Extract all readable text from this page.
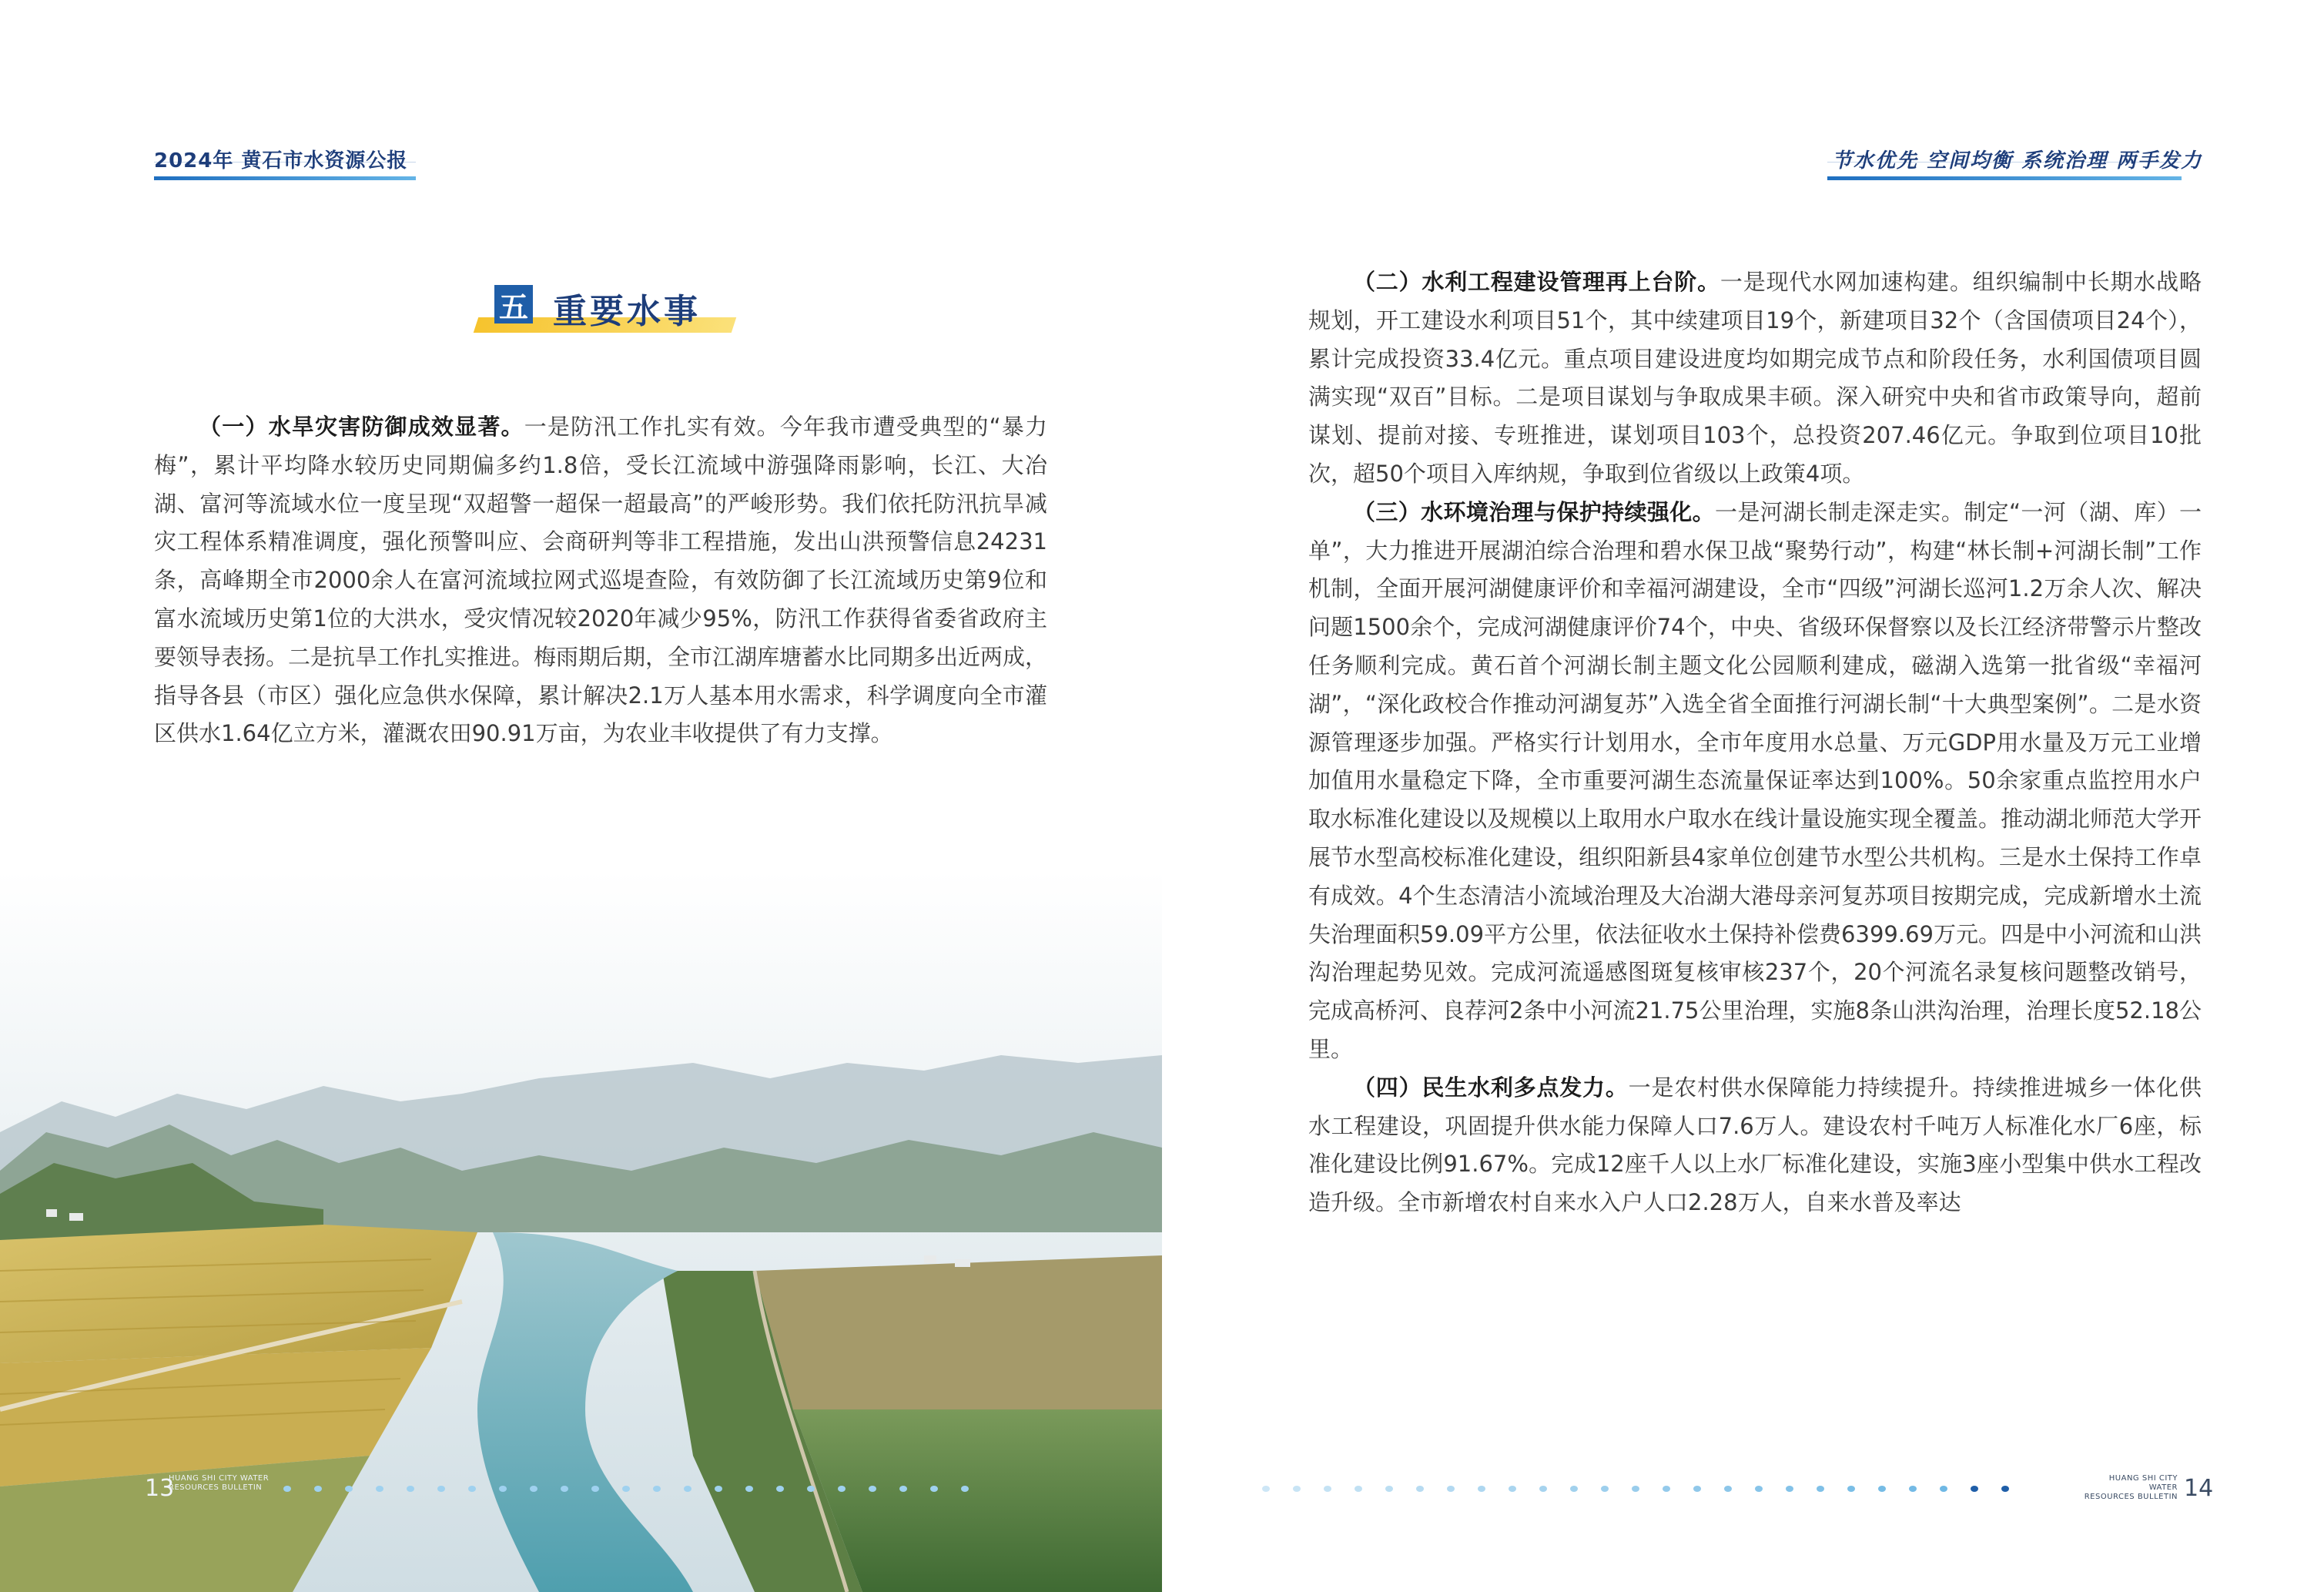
2024年 黄石市水资源公报
五 重要水事

（一）水旱灾害防御成效显著。一是防汛工作扎实有效。今年我市遭受典型的“暴力梅”，累计平均降水较历史同期偏多约1.8倍，受长江流域中游强降雨影响，长江、大冶湖、富河等流域水位一度呈现“双超警一超保一超最高”的严峻形势。我们依托防汛抗旱减灾工程体系精准调度，强化预警叫应、会商研判等非工程措施，发出山洪预警信息24231条，高峰期全市2000余人在富河流域拉网式巡堤查险，有效防御了长江流域历史第9位和富水流域历史第1位的大洪水，受灾情况较2020年减少95%，防汛工作获得省委省政府主要领导表扬。二是抗旱工作扎实推进。梅雨期后期，全市江湖库塘蓄水比同期多出近两成，指导各县（市区）强化应急供水保障，累计解决2.1万人基本用水需求，科学调度向全市灌区供水1.64亿立方米，灌溉农田90.91万亩，为农业丰收提供了有力支撑。

13
HUANG SHI CITY WATER
RESOURCES BULLETIN
节水优先 空间均衡 系统治理 两手发力

（二）水利工程建设管理再上台阶。一是现代水网加速构建。组织编制中长期水战略规划，开工建设水利项目51个，其中续建项目19个，新建项目32个（含国债项目24个），累计完成投资33.4亿元。重点项目建设进度均如期完成节点和阶段任务，水利国债项目圆满实现“双百”目标。二是项目谋划与争取成果丰硕。深入研究中央和省市政策导向，超前谋划、提前对接、专班推进，谋划项目103个，总投资207.46亿元。争取到位项目10批次，超50个项目入库纳规，争取到位省级以上政策4项。

（三）水环境治理与保护持续强化。一是河湖长制走深走实。制定“一河（湖、库）一单”，大力推进开展湖泊综合治理和碧水保卫战“聚势行动”，构建“林长制+河湖长制”工作机制，全面开展河湖健康评价和幸福河湖建设，全市“四级”河湖长巡河1.2万余人次、解决问题1500余个，完成河湖健康评价74个，中央、省级环保督察以及长江经济带警示片整改任务顺利完成。黄石首个河湖长制主题文化公园顺利建成，磁湖入选第一批省级“幸福河湖”，“深化政校合作推动河湖复苏”入选全省全面推行河湖长制“十大典型案例”。二是水资源管理逐步加强。严格实行计划用水，全市年度用水总量、万元GDP用水量及万元工业增加值用水量稳定下降，全市重要河湖生态流量保证率达到100%。50余家重点监控用水户取水标准化建设以及规模以上取用水户取水在线计量设施实现全覆盖。推动湖北师范大学开展节水型高校标准化建设，组织阳新县4家单位创建节水型公共机构。三是水土保持工作卓有成效。4个生态清洁小流域治理及大冶湖大港母亲河复苏项目按期完成，完成新增水土流失治理面积59.09平方公里，依法征收水土保持补偿费6399.69万元。四是中小河流和山洪沟治理起势见效。完成河流遥感图斑复核审核237个，20个河流名录复核问题整改销号，完成高桥河、良荐河2条中小河流21.75公里治理，实施8条山洪沟治理，治理长度52.18公里。

（四）民生水利多点发力。一是农村供水保障能力持续提升。持续推进城乡一体化供水工程建设，巩固提升供水能力保障人口7.6万人。建设农村千吨万人标准化水厂6座，标准化建设比例91.67%。完成12座千人以上水厂标准化建设，实施3座小型集中供水工程改造升级。全市新增农村自来水入户人口2.28万人，自来水普及率达

HUANG SHI CITY WATER
RESOURCES BULLETIN 14
